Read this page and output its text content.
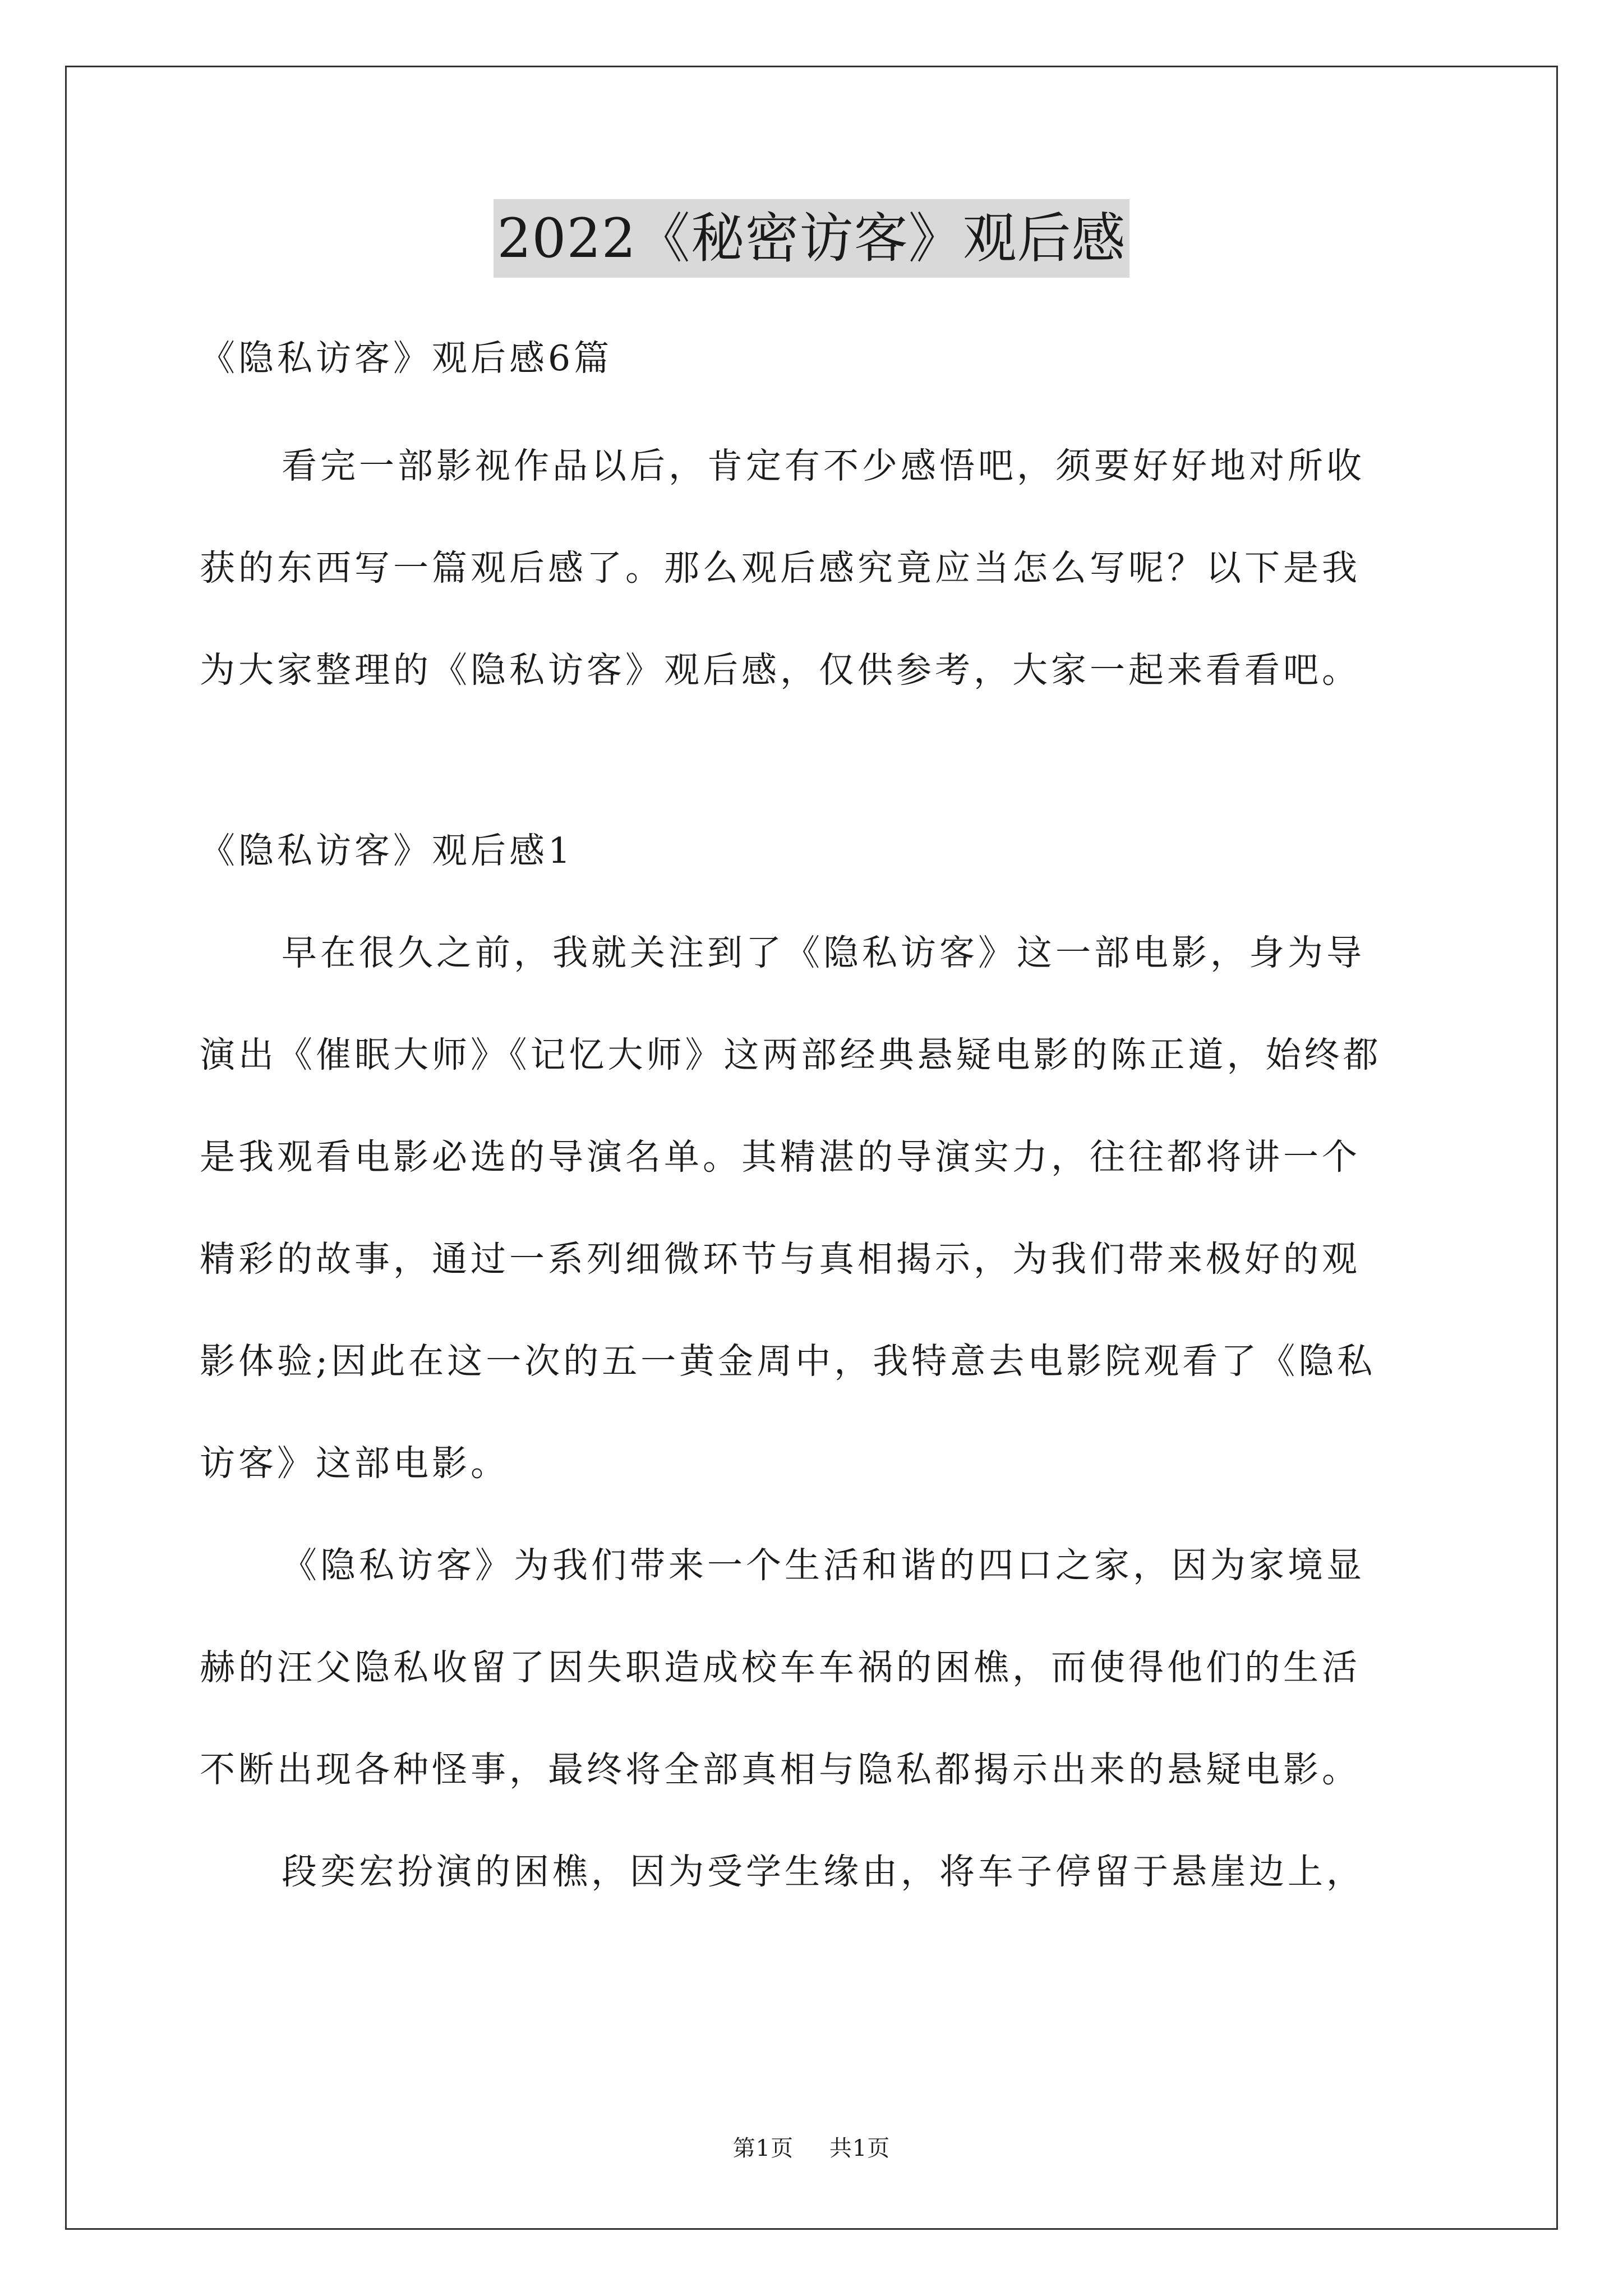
2022《秘密访客》观后感
《隐私访客》观后感6篇
看完一部影视作品以后，肯定有不少感悟吧，须要好好地对所收
获的东西写一篇观后感了。那么观后感究竟应当怎么写呢？以下是我
为大家整理的《隐私访客》观后感，仅供参考，大家一起来看看吧。
《隐私访客》观后感1
早在很久之前，我就关注到了《隐私访客》这一部电影，身为导
演出《催眠大师》《记忆大师》这两部经典悬疑电影的陈正道，始终都
是我观看电影必选的导演名单。其精湛的导演实力，往往都将讲一个
精彩的故事，通过一系列细微环节与真相揭示，为我们带来极好的观
影体验;因此在这一次的五一黄金周中，我特意去电影院观看了《隐私
访客》这部电影。
《隐私访客》为我们带来一个生活和谐的四口之家，因为家境显
赫的汪父隐私收留了因失职造成校车车祸的困樵，而使得他们的生活
不断出现各种怪事，最终将全部真相与隐私都揭示出来的悬疑电影。
段奕宏扮演的困樵，因为受学生缘由，将车子停留于悬崖边上，
第1页 共1页
